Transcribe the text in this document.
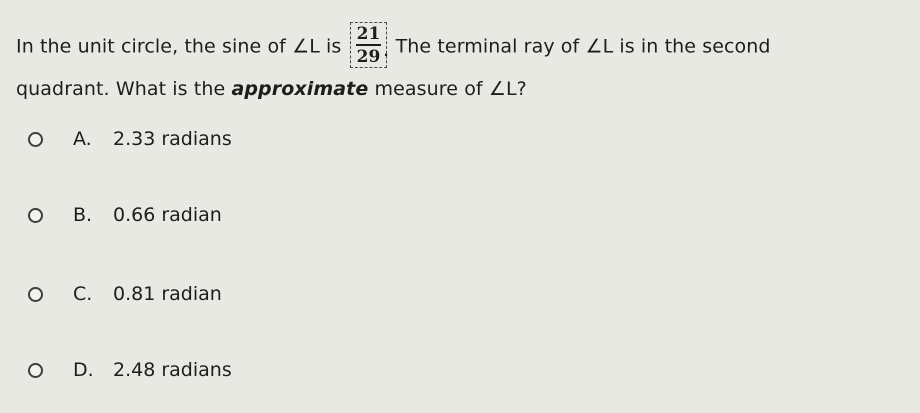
In the unit circle, the sine of ∠L is
21
29 . The terminal ray of ∠L is in the second
quadrant. What is the approximate measure of ∠L?
A.	2.33 radians
B.	0.66 radian
C.	0.81 radian
D.	2.48 radians
